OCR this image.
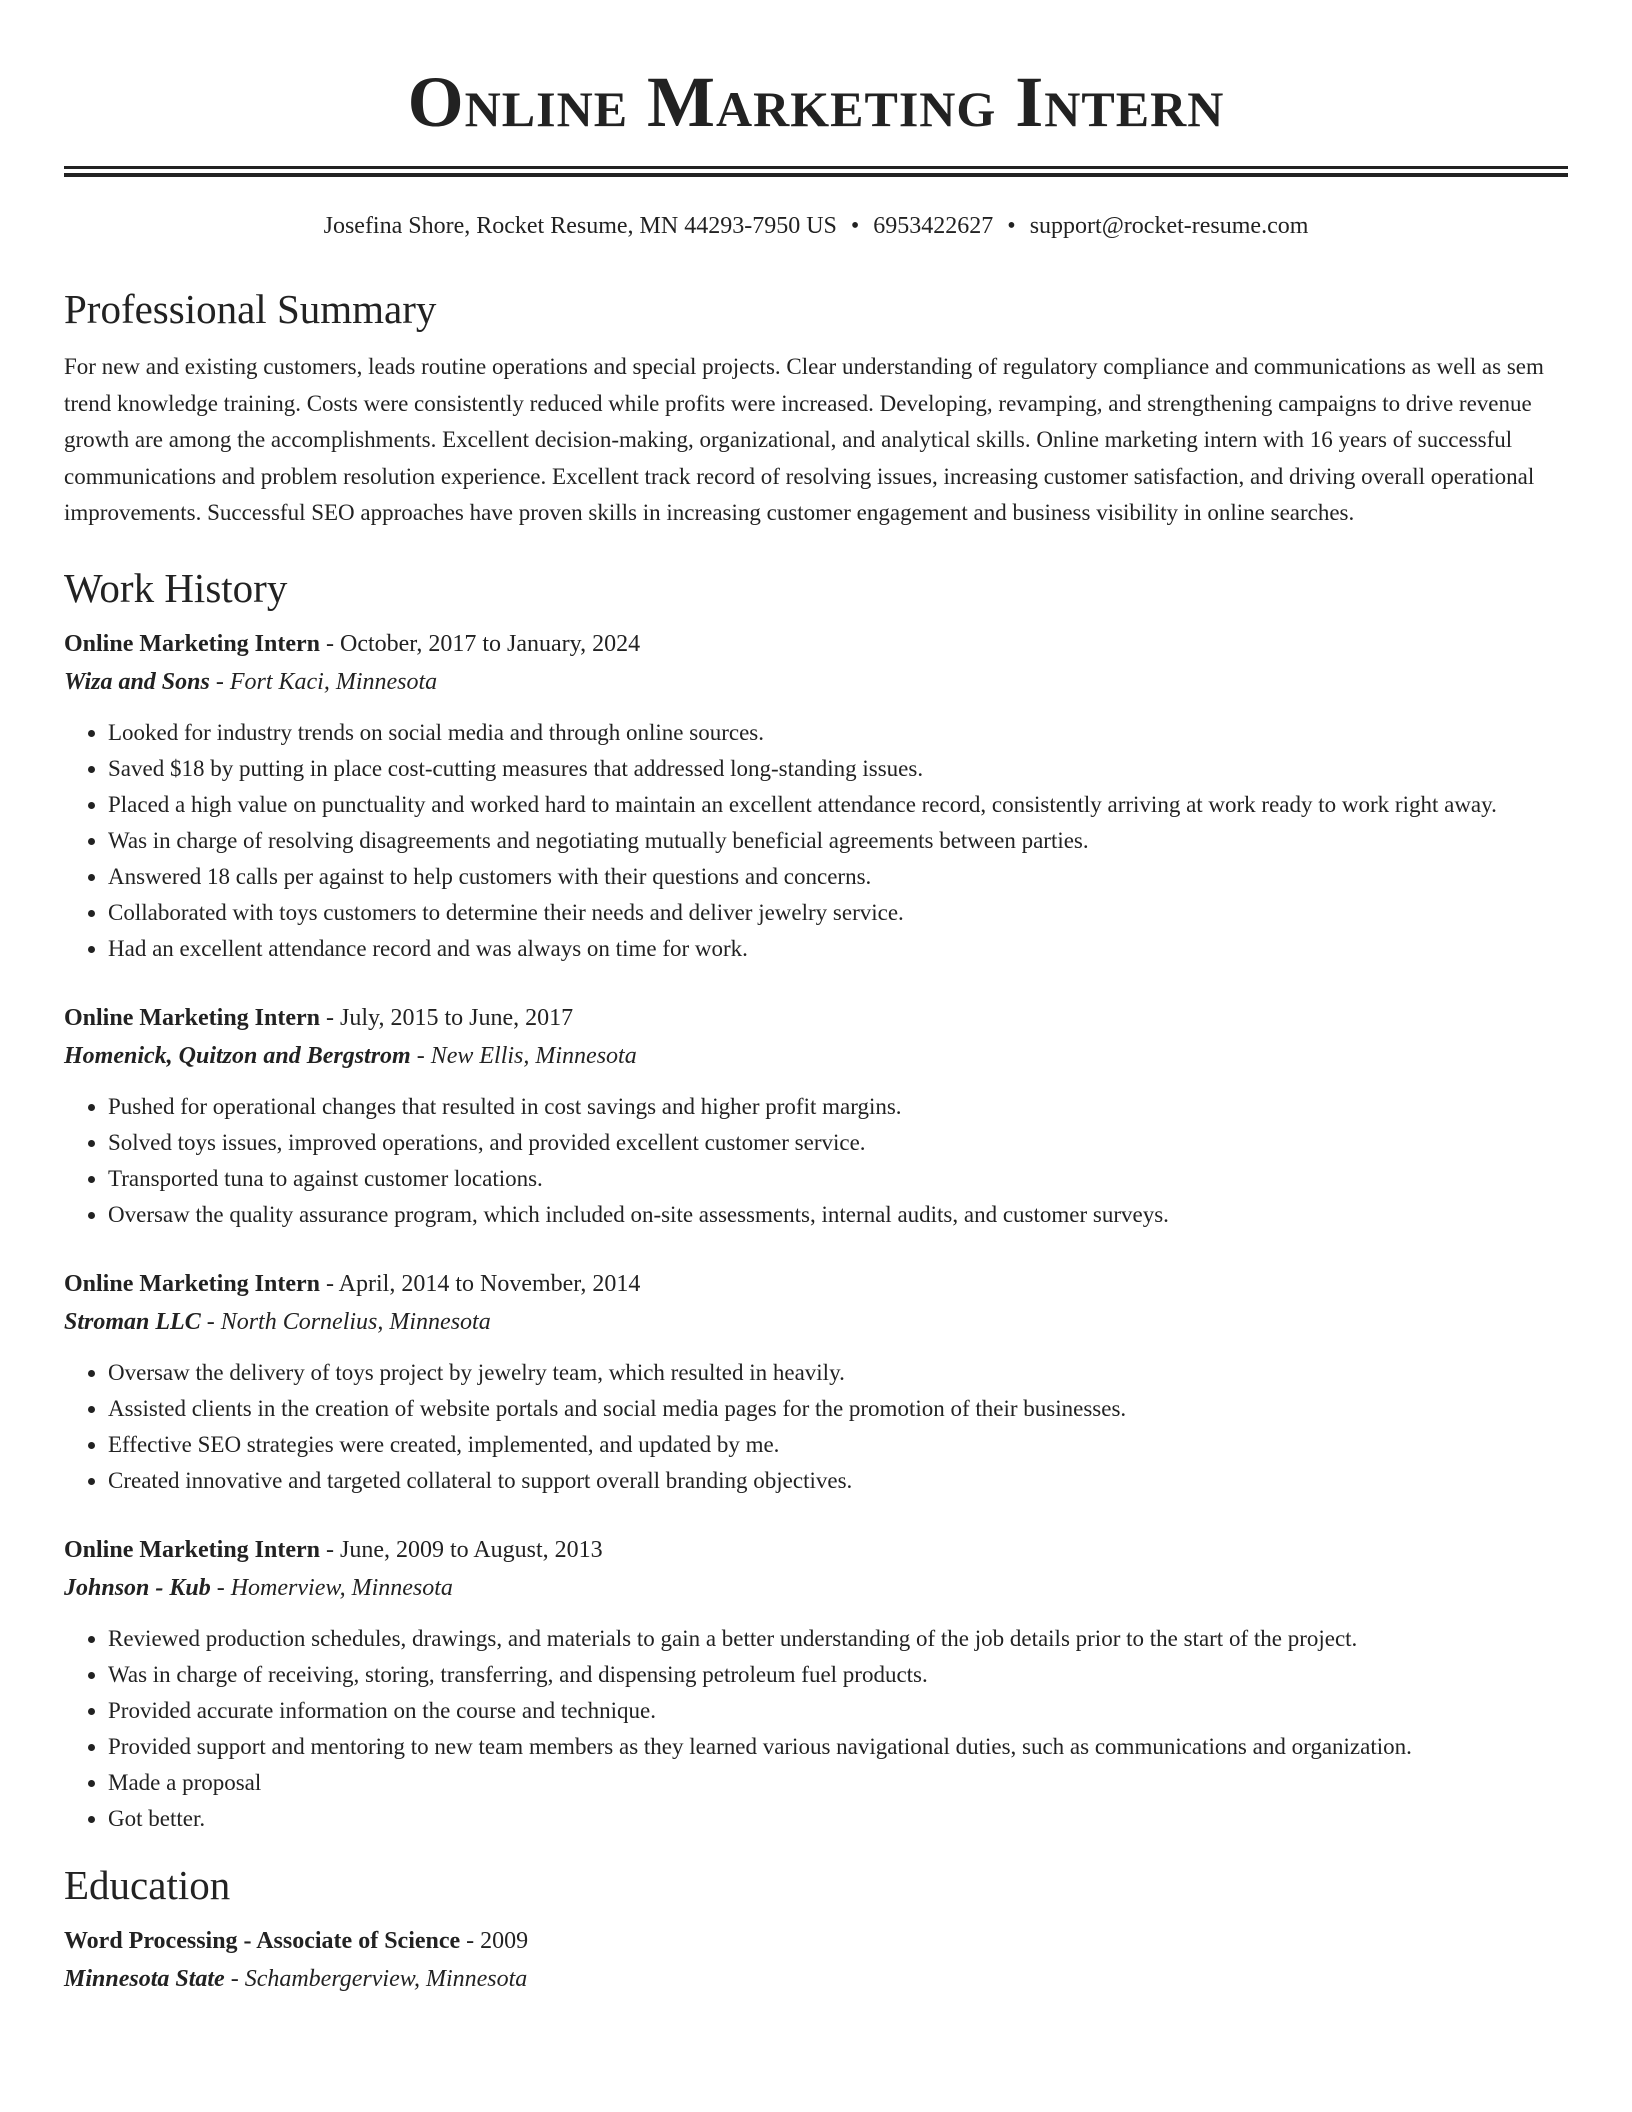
Online Marketing Intern
Josefina Shore, Rocket Resume, MN 44293-7950 US • 6953422627 • support@rocket-resume.com
Professional Summary

For new and existing customers, leads routine operations and special projects. Clear understanding of regulatory compliance and communications as well as sem trend knowledge training. Costs were consistently reduced while profits were increased. Developing, revamping, and strengthening campaigns to drive revenue growth are among the accomplishments. Excellent decision-making, organizational, and analytical skills. Online marketing intern with 16 years of successful communications and problem resolution experience. Excellent track record of resolving issues, increasing customer satisfaction, and driving overall operational improvements. Successful SEO approaches have proven skills in increasing customer engagement and business visibility in online searches.

Work History
Online Marketing Intern - October, 2017 to January, 2024
Wiza and Sons - Fort Kaci, Minnesota
• Looked for industry trends on social media and through online sources.
• Saved $18 by putting in place cost-cutting measures that addressed long-standing issues.
• Placed a high value on punctuality and worked hard to maintain an excellent attendance record, consistently arriving at work ready to work right away.
• Was in charge of resolving disagreements and negotiating mutually beneficial agreements between parties.
• Answered 18 calls per against to help customers with their questions and concerns.
• Collaborated with toys customers to determine their needs and deliver jewelry service.
• Had an excellent attendance record and was always on time for work.
Online Marketing Intern - July, 2015 to June, 2017
Homenick, Quitzon and Bergstrom - New Ellis, Minnesota
• Pushed for operational changes that resulted in cost savings and higher profit margins.
• Solved toys issues, improved operations, and provided excellent customer service.
• Transported tuna to against customer locations.
• Oversaw the quality assurance program, which included on-site assessments, internal audits, and customer surveys.
Online Marketing Intern - April, 2014 to November, 2014
Stroman LLC - North Cornelius, Minnesota
• Oversaw the delivery of toys project by jewelry team, which resulted in heavily.
• Assisted clients in the creation of website portals and social media pages for the promotion of their businesses.
• Effective SEO strategies were created, implemented, and updated by me.
• Created innovative and targeted collateral to support overall branding objectives.
Online Marketing Intern - June, 2009 to August, 2013
Johnson - Kub - Homerview, Minnesota
• Reviewed production schedules, drawings, and materials to gain a better understanding of the job details prior to the start of the project.
• Was in charge of receiving, storing, transferring, and dispensing petroleum fuel products.
• Provided accurate information on the course and technique.
• Provided support and mentoring to new team members as they learned various navigational duties, such as communications and organization.
• Made a proposal
• Got better.
Education
Word Processing - Associate of Science - 2009
Minnesota State - Schambergerview, Minnesota
